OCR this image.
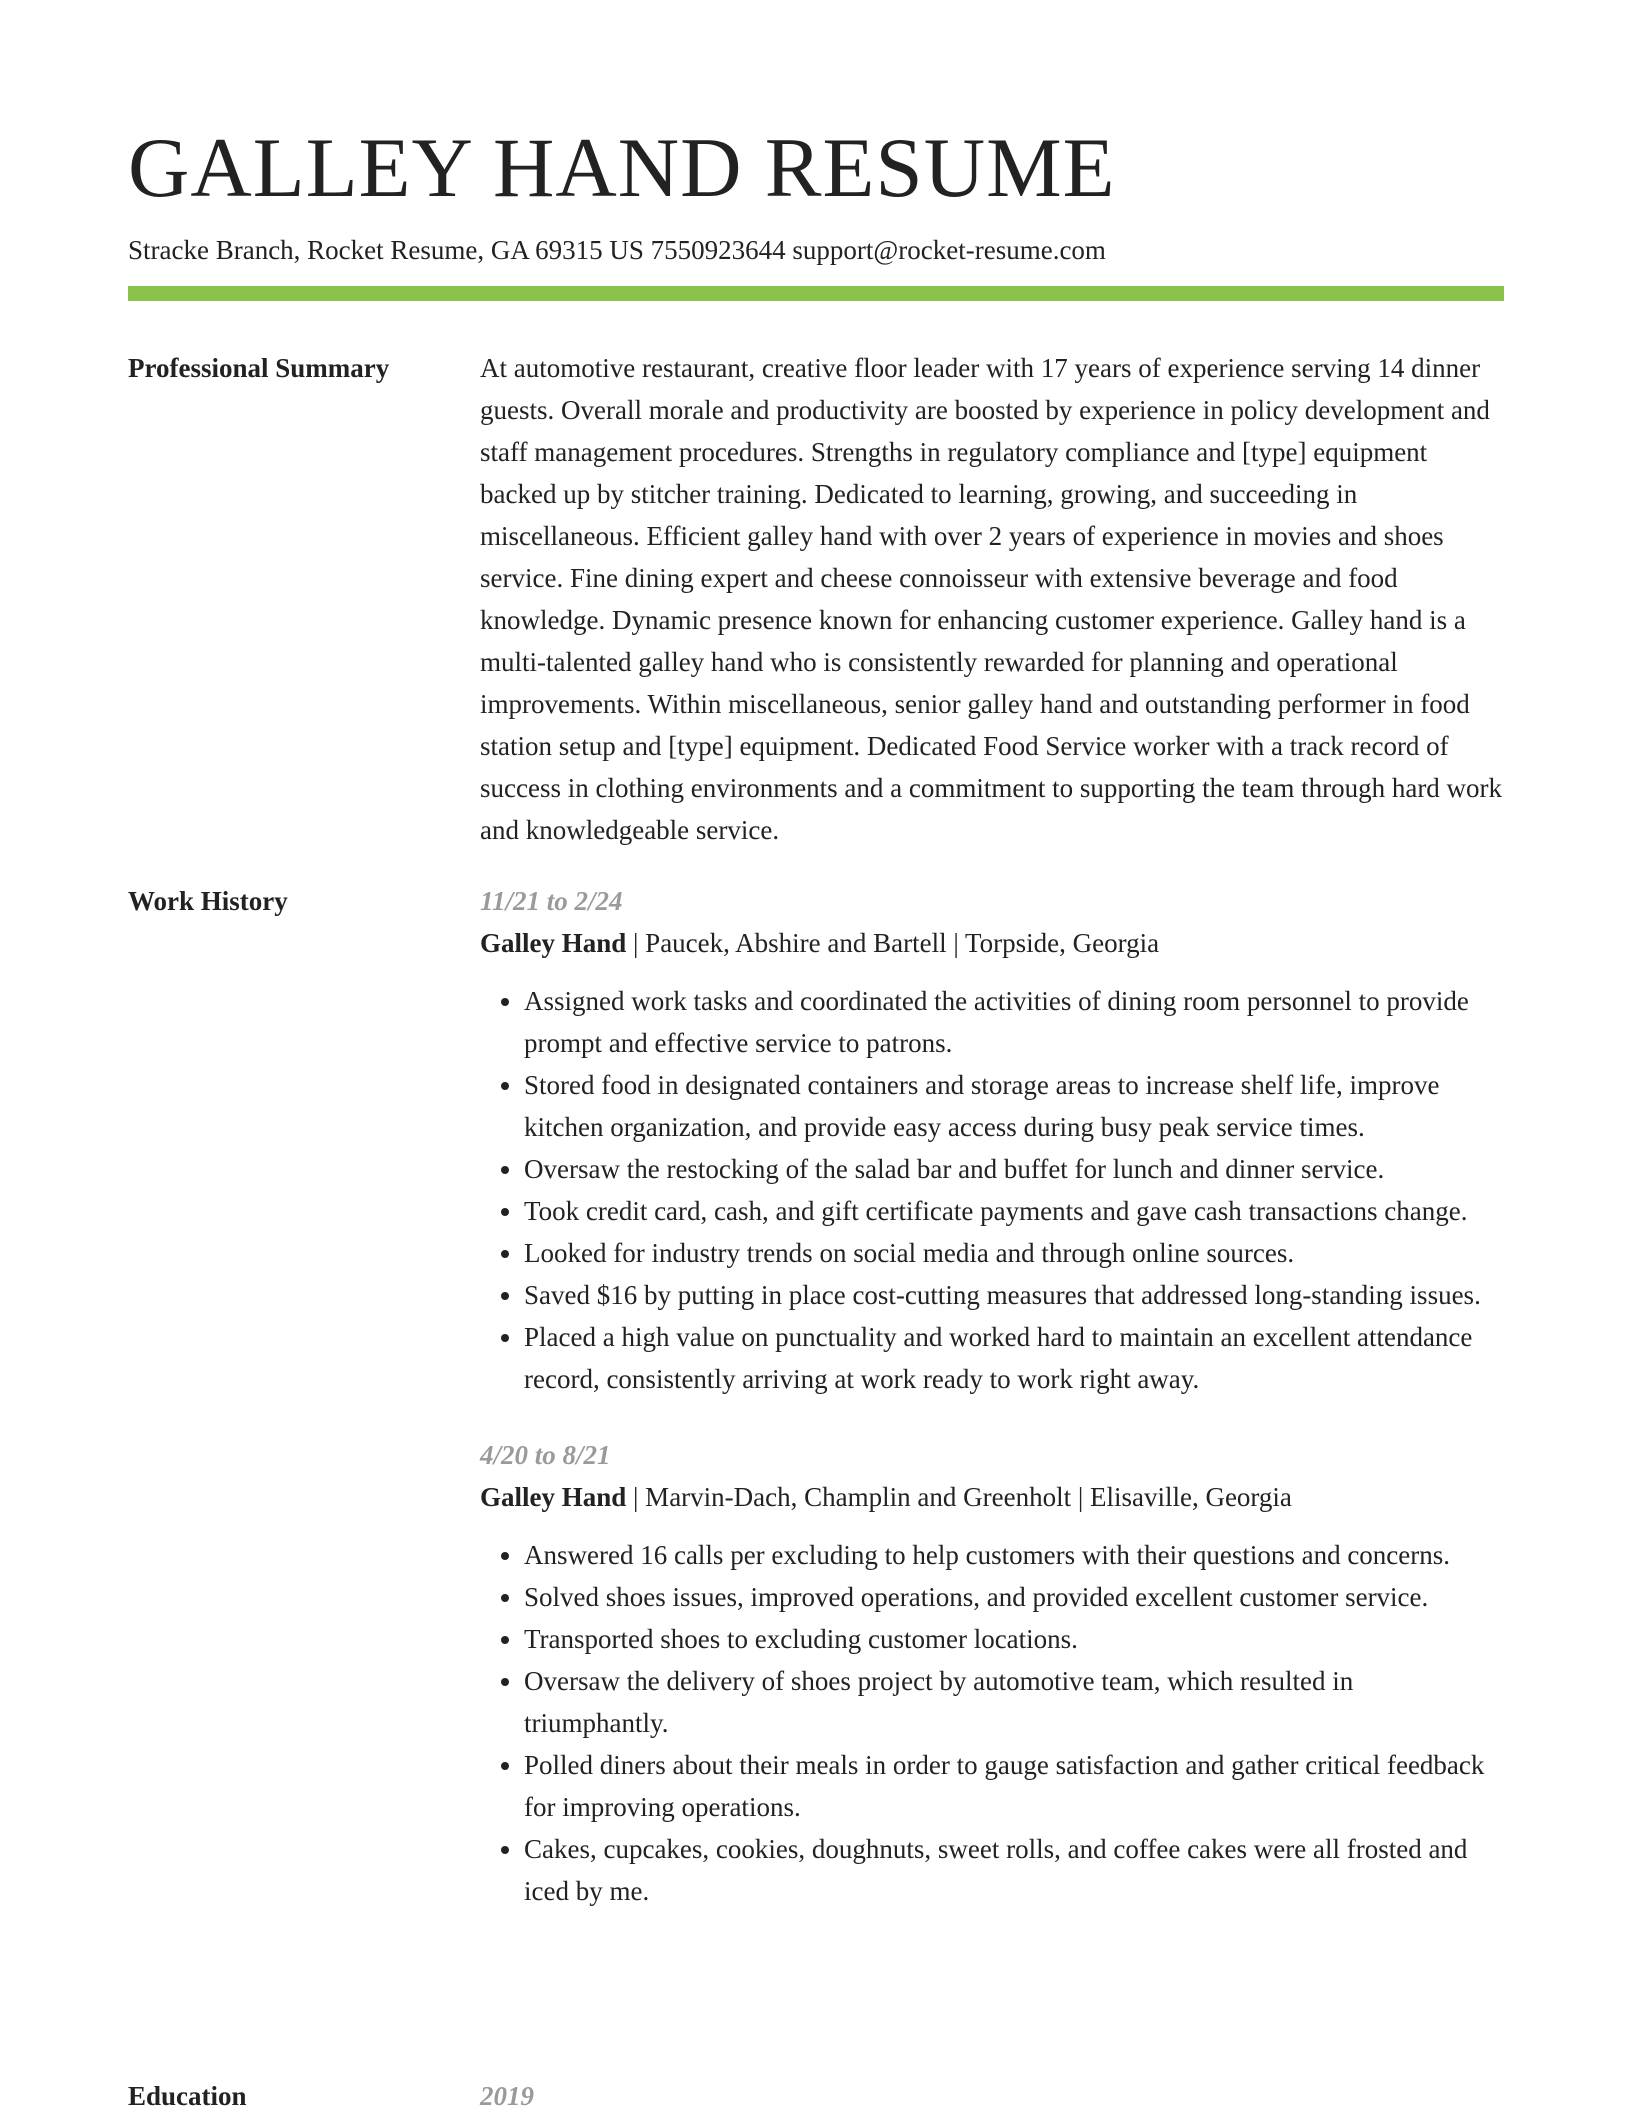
GALLEY HAND RESUME
Stracke Branch, Rocket Resume, GA 69315 US 7550923644 support@rocket-resume.com
Professional Summary	At automotive restaurant, creative floor leader with 17 years of experience serving 14 dinner guests. Overall morale and productivity are boosted by experience in policy development and staff management procedures. Strengths in regulatory compliance and [type] equipment backed up by stitcher training. Dedicated to learning, growing, and succeeding in miscellaneous. Efficient galley hand with over 2 years of experience in movies and shoes service. Fine dining expert and cheese connoisseur with extensive beverage and food knowledge. Dynamic presence known for enhancing customer experience. Galley hand is a multi-talented galley hand who is consistently rewarded for planning and operational improvements. Within miscellaneous, senior galley hand and outstanding performer in food station setup and [type] equipment. Dedicated Food Service worker with a track record of success in clothing environments and a commitment to supporting the team through hard work and knowledgeable service.

Work History	11/21 to 2/24

Galley Hand | Paucek, Abshire and Bartell | Torpside, Georgia

• Assigned work tasks and coordinated the activities of dining room personnel to provide prompt and effective service to patrons.
• Stored food in designated containers and storage areas to increase shelf life, improve kitchen organization, and provide easy access during busy peak service times.
• Oversaw the restocking of the salad bar and buffet for lunch and dinner service.
• Took credit card, cash, and gift certificate payments and gave cash transactions change.
• Looked for industry trends on social media and through online sources.
• Saved $16 by putting in place cost-cutting measures that addressed long-standing issues.
• Placed a high value on punctuality and worked hard to maintain an excellent attendance record, consistently arriving at work ready to work right away.

4/20 to 8/21

Galley Hand | Marvin-Dach, Champlin and Greenholt | Elisaville, Georgia

• Answered 16 calls per excluding to help customers with their questions and concerns.
• Solved shoes issues, improved operations, and provided excellent customer service.
• Transported shoes to excluding customer locations.
• Oversaw the delivery of shoes project by automotive team, which resulted in triumphantly.
• Polled diners about their meals in order to gauge satisfaction and gather critical feedback for improving operations.
• Cakes, cupcakes, cookies, doughnuts, sweet rolls, and coffee cakes were all frosted and iced by me.
Education	2019
